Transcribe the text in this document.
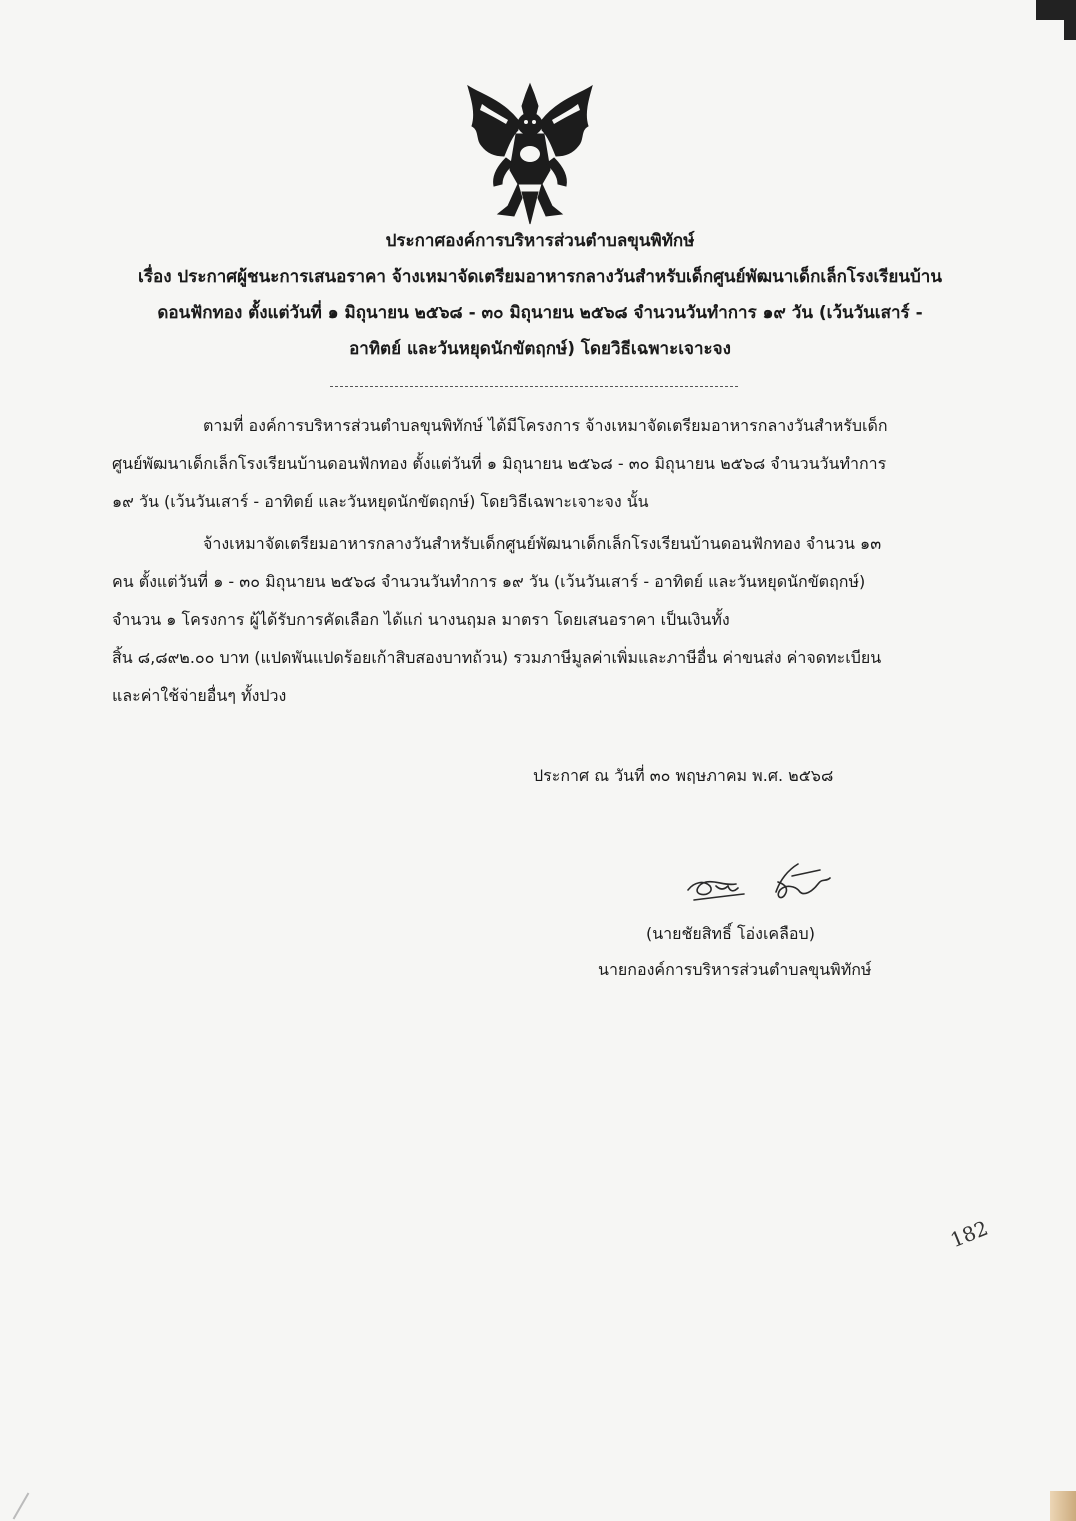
ประกาศองค์การบริหารส่วนตำบลขุนพิทักษ์
เรื่อง ประกาศผู้ชนะการเสนอราคา จ้างเหมาจัดเตรียมอาหารกลางวันสำหรับเด็กศูนย์พัฒนาเด็กเล็กโรงเรียนบ้าน
ดอนฟักทอง ตั้งแต่วันที่ ๑ มิถุนายน ๒๕๖๘ - ๓๐ มิถุนายน ๒๕๖๘ จำนวนวันทำการ ๑๙ วัน (เว้นวันเสาร์ -
อาทิตย์ และวันหยุดนักขัตฤกษ์) โดยวิธีเฉพาะเจาะจง
ตามที่ องค์การบริหารส่วนตำบลขุนพิทักษ์ ได้มีโครงการ จ้างเหมาจัดเตรียมอาหารกลางวันสำหรับเด็ก
ศูนย์พัฒนาเด็กเล็กโรงเรียนบ้านดอนฟักทอง ตั้งแต่วันที่ ๑ มิถุนายน ๒๕๖๘ - ๓๐ มิถุนายน ๒๕๖๘ จำนวนวันทำการ
๑๙ วัน (เว้นวันเสาร์ - อาทิตย์ และวันหยุดนักขัตฤกษ์) โดยวิธีเฉพาะเจาะจง นั้น
จ้างเหมาจัดเตรียมอาหารกลางวันสำหรับเด็กศูนย์พัฒนาเด็กเล็กโรงเรียนบ้านดอนฟักทอง จำนวน ๑๓
คน ตั้งแต่วันที่ ๑ - ๓๐ มิถุนายน ๒๕๖๘ จำนวนวันทำการ ๑๙ วัน (เว้นวันเสาร์ - อาทิตย์ และวันหยุดนักขัตฤกษ์)
จำนวน ๑ โครงการ ผู้ได้รับการคัดเลือก ได้แก่ นางนฤมล มาตรา โดยเสนอราคา เป็นเงินทั้ง
สิ้น ๘,๘๙๒.๐๐ บาท (แปดพันแปดร้อยเก้าสิบสองบาทถ้วน) รวมภาษีมูลค่าเพิ่มและภาษีอื่น ค่าขนส่ง ค่าจดทะเบียน
และค่าใช้จ่ายอื่นๆ ทั้งปวง
ประกาศ ณ วันที่ ๓๐ พฤษภาคม พ.ศ. ๒๕๖๘
(นายชัยสิทธิ์ โอ่งเคลือบ)
นายกองค์การบริหารส่วนตำบลขุนพิทักษ์
182
